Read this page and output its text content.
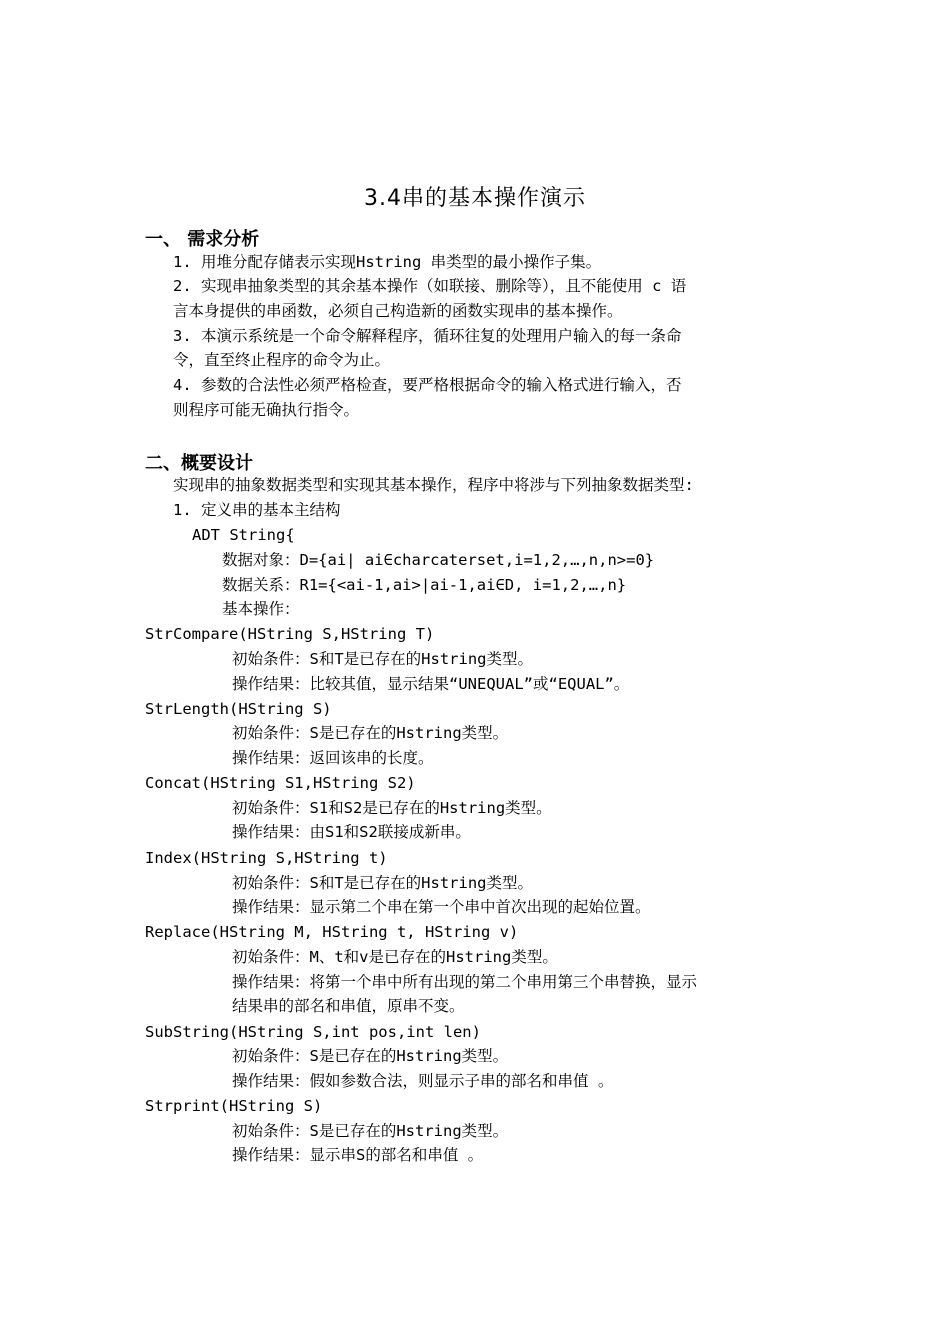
3.4串的基本操作演示
一、 需求分析
1. 用堆分配存储表示实现Hstring 串类型的最小操作子集。
2. 实现串抽象类型的其余基本操作（如联接、删除等），且不能使用 c 语
言本身提供的串函数，必须自己构造新的函数实现串的基本操作。
3. 本演示系统是一个命令解释程序，循环往复的处理用户输入的每一条命
令，直至终止程序的命令为止。
4. 参数的合法性必须严格检查，要严格根据命令的输入格式进行输入，否
则程序可能无确执行指令。
二、概要设计
实现串的抽象数据类型和实现其基本操作，程序中将涉与下列抽象数据类型:
1. 定义串的基本主结构
ADT String{
数据对象：D={ai| ai∈charcaterset,i=1,2,…,n,n>=0}
数据关系：R1={<ai-1,ai>|ai-1,ai∈D, i=1,2,…,n}
基本操作：
StrCompare(HString S,HString T)
初始条件：S和T是已存在的Hstring类型。
操作结果：比较其值，显示结果“UNEQUAL”或“EQUAL”。
StrLength(HString S)
初始条件：S是已存在的Hstring类型。
操作结果：返回该串的长度。
Concat(HString S1,HString S2)
初始条件：S1和S2是已存在的Hstring类型。
操作结果：由S1和S2联接成新串。
Index(HString S,HString t)
初始条件：S和T是已存在的Hstring类型。
操作结果：显示第二个串在第一个串中首次出现的起始位置。
Replace(HString M, HString t, HString v)
初始条件：M、t和v是已存在的Hstring类型。
操作结果：将第一个串中所有出现的第二个串用第三个串替换，显示
结果串的部名和串值，原串不变。
SubString(HString S,int pos,int len)
初始条件：S是已存在的Hstring类型。
操作结果：假如参数合法，则显示子串的部名和串值 。
Strprint(HString S)
初始条件：S是已存在的Hstring类型。
操作结果：显示串S的部名和串值 。
